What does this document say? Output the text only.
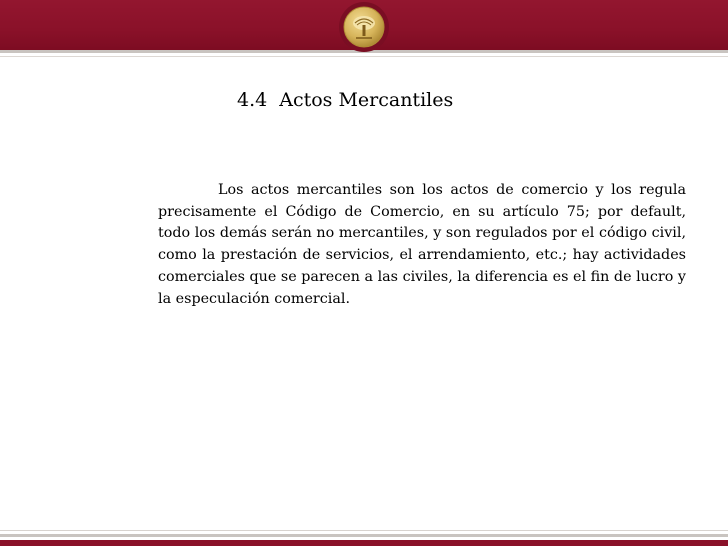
4.4 Actos Mercantiles

Los actos mercantiles son los actos de comercio y los regula precisamente el Código de Comercio, en su artículo 75; por default, todo los demás serán no mercantiles, y son regulados por el código civil, como la prestación de servicios, el arrendamiento, etc.; hay actividades comerciales que se parecen a las civiles, la diferencia es el fin de lucro y la especulación comercial.
